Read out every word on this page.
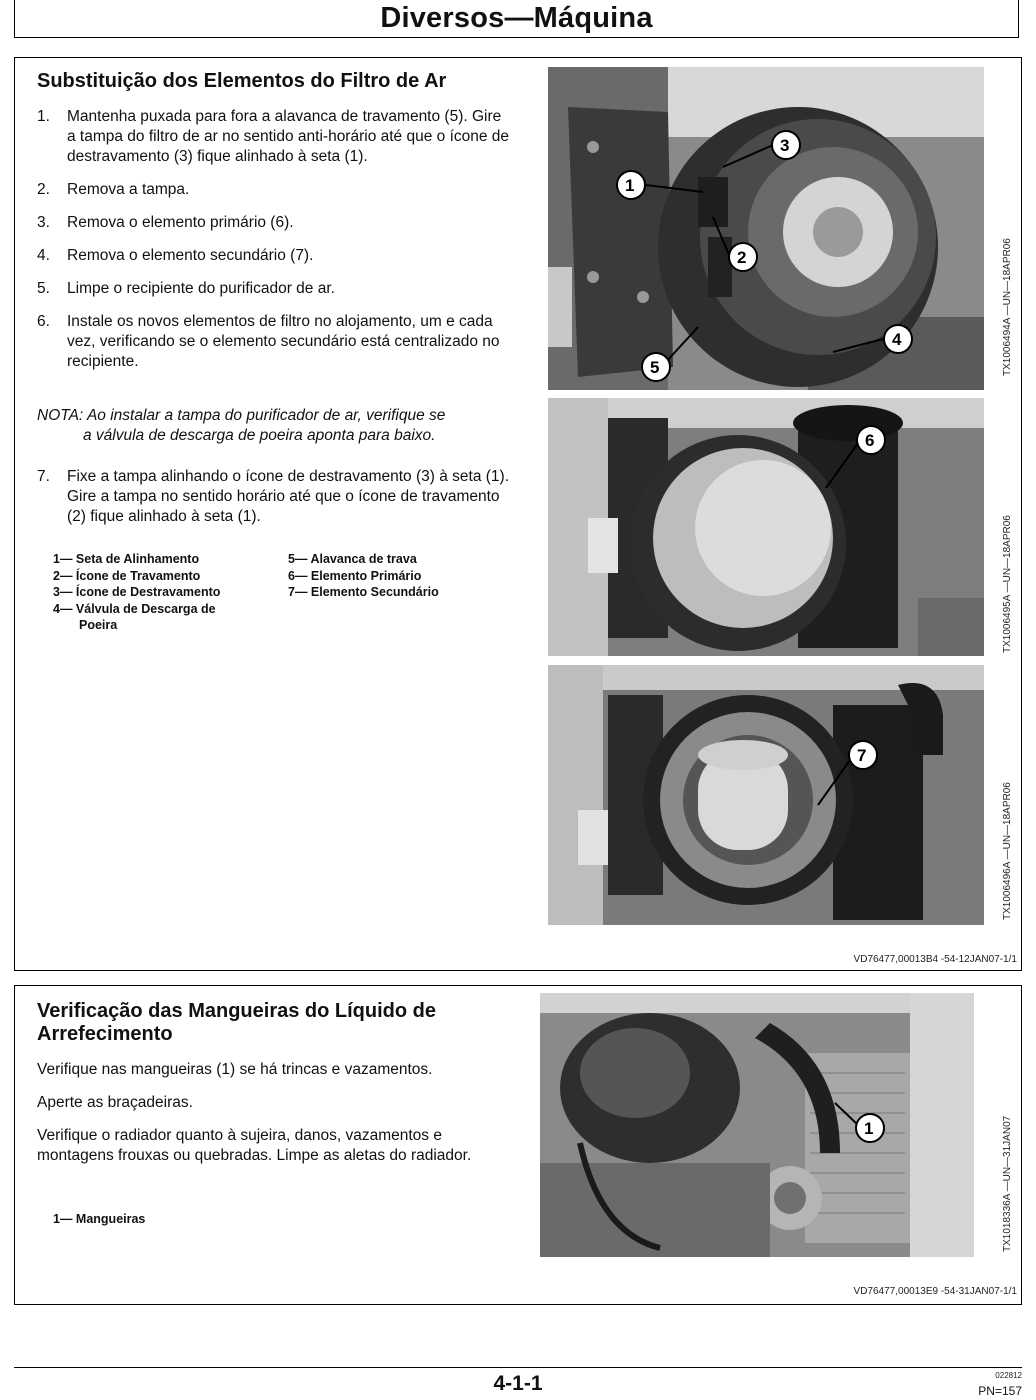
Diversos—Máquina
Substituição dos Elementos do Filtro de Ar
1. Mantenha puxada para fora a alavanca de travamento (5). Gire a tampa do filtro de ar no sentido anti-horário até que o ícone de destravamento (3) fique alinhado à seta (1).
2. Remova a tampa.
3. Remova o elemento primário (6).
4. Remova o elemento secundário (7).
5. Limpe o recipiente do purificador de ar.
6. Instale os novos elementos de filtro no alojamento, um e cada vez, verificando se o elemento secundário está centralizado no recipiente.
NOTA: Ao instalar a tampa do purificador de ar, verifique se
a válvula de descarga de poeira aponta para baixo.
7. Fixe a tampa alinhando o ícone de destravamento (3) à seta (1). Gire a tampa no sentido horário até que o ícone de travamento (2) fique alinhado à seta (1).
1— Seta de Alinhamento
2— Ícone de Travamento
3— Ícone de Destravamento
4— Válvula de Descarga de
Poeira
5— Alavanca de trava
6— Elemento Primário
7— Elemento Secundário
1
2
3
4
5	TX1006494A —UN—18APR06
6
TX1006495A —UN—18APR06
7
TX1006496A —UN—18APR06
VD76477,00013B4 -54-12JAN07-1/1
Verificação das Mangueiras do Líquido de
Arrefecimento

Verifique nas mangueiras (1) se há trincas e vazamentos.

Aperte as braçadeiras.

Verifique o radiador quanto à sujeira, danos, vazamentos e montagens frouxas ou quebradas. Limpe as aletas do radiador.

1— Mangueiras
1	TX1018336A —UN—31JAN07
VD76477,00013E9 -54-31JAN07-1/1
4-1-1	022812
PN=157
